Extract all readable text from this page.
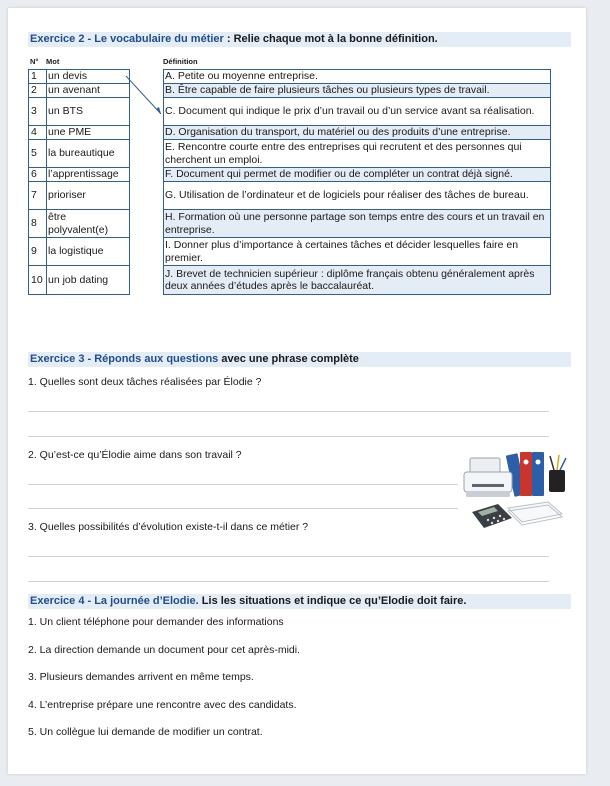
Exercice 2 - Le vocabulaire du métier : Relie chaque mot à la bonne définition.
N° Mot	Définition
1	un devis
2	un avenant
3	un BTS
4	une PME
5	la bureautique
6	l’apprentissage
7	prioriser
8	être polyvalent(e)
9	la logistique
10	un job dating
A. Petite ou moyenne entreprise.
B. Être capable de faire plusieurs tâches ou plusieurs types de travail.
C. Document qui indique le prix d’un travail ou d’un service avant sa réalisation.
D. Organisation du transport, du matériel ou des produits d’une entreprise.
E. Rencontre courte entre des entreprises qui recrutent et des personnes qui cherchent un emploi.
F. Document qui permet de modifier ou de compléter un contrat déjà signé.
G. Utilisation de l’ordinateur et de logiciels pour réaliser des tâches de bureau.
H. Formation où une personne partage son temps entre des cours et un travail en entreprise.
I. Donner plus d’importance à certaines tâches et décider lesquelles faire en premier.
J. Brevet de technicien supérieur : diplôme français obtenu généralement après deux années d’études après le baccalauréat.
Exercice 3 - Réponds aux questions avec une phrase complète
1. Quelles sont deux tâches réalisées par Élodie ?
2. Qu’est-ce qu’Élodie aime dans son travail ?
3. Quelles possibilités d’évolution existe-t-il dans ce métier ?
Exercice 4 - La journée d’Elodie. Lis les situations et indique ce qu’Elodie doit faire.
1. Un client téléphone pour demander des informations
2. La direction demande un document pour cet après-midi.
3. Plusieurs demandes arrivent en même temps.
4. L’entreprise prépare une rencontre avec des candidats.
5. Un collègue lui demande de modifier un contrat.
